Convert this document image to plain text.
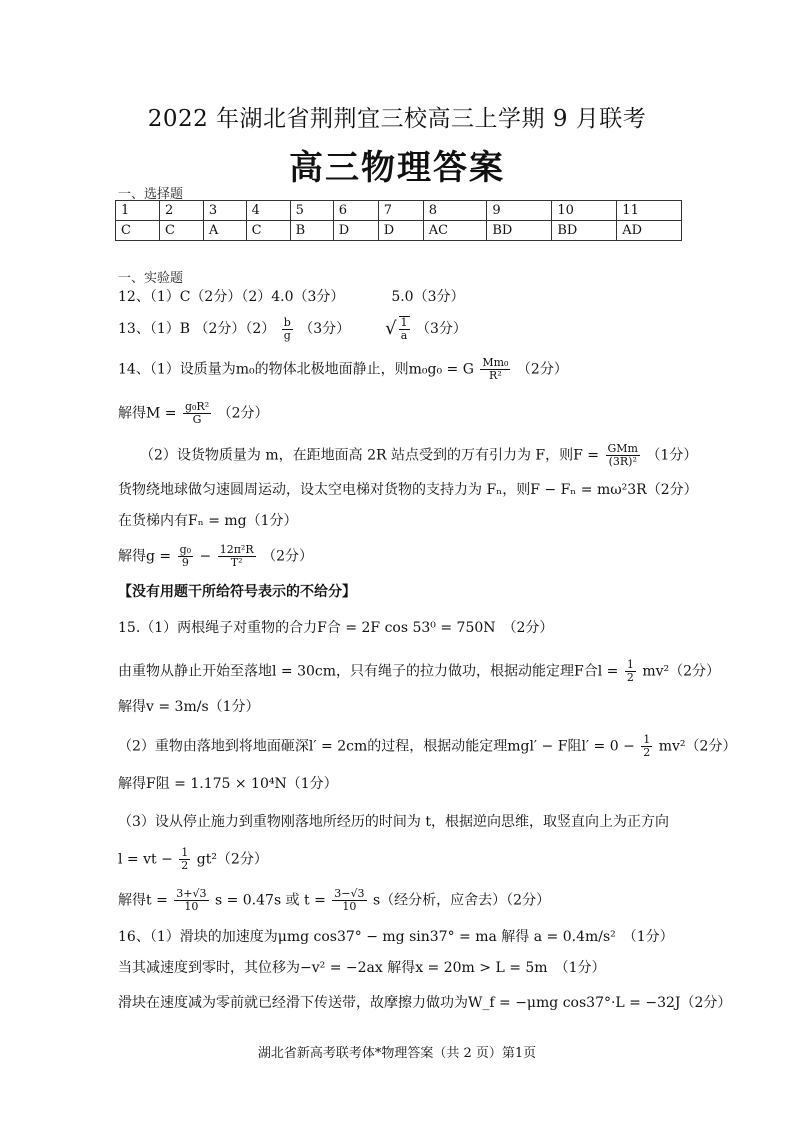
2022 年湖北省荆荆宜三校高三上学期 9 月联考
高三物理答案
一、选择题
1	2	3	4	5	6	7	8	9	10	11
C	C	A	C	B	D	D	AC	BD	BD	AD
一、实验题
12、（1）C（2分）（2）4.0（3分）	5.0（3分）
13、（1）B （2分）$(2) \frac{b}{g} (3$分） √ $\frac{1}{a} (3$分）
14、（1）设质量为m₀的物体北极地面静止，则m₀g₀ = G $\frac{\text{Mm₀}}{\text{R²}} (2$分）
解得$M = \frac{\text{g₀R²}}{G} (2$分）
（2）设货物质量为 m，在距地面高 2R 站点受到的万有引力为 F，则$F = \frac{\text{GMm}}{\text{(3R)²}} (1$分）
货物绕地球做匀速圆周运动，设太空电梯对货物的支持力为 Fₙ，则F − Fₙ = mω²3R（2分）
在货梯内有Fₙ = mg（1分）
解得$g = \frac{\text{g₀}}{9} - \frac{\text{12π²R}}{\text{T²}} (2$分）
【没有用题干所给符号表示的不给分】
15.（1）两根绳子对重物的合力F合 = 2F cos 53⁰ = 750N　（2分）
由重物从静止开始至落地l = 30cm，只有绳子的拉力做功，根据动能定理F合$l = \frac{1}{2} mv^2(2$分）
解得v = 3m/s（1分）
（2）重物由落地到将地面砸深l′ = 2cm的过程，根据动能定理mgl′ − F阻$l' = 0 - \frac{1}{2} mv^2(2$分）
解得F阻 = 1.175 × 10⁴N（1分）
（3）设从停止施力到重物刚落地所经历的时间为 t，根据逆向思维，取竖直向上为正方向
l = vt − $\frac{1}{2} gt^2(2$分）
解得$t = \frac{3+√3}{10}$ s = 0.47s 或 $t = \frac{3-√3}{10} s$（经分析，应舍去）（2分）
16、（1）滑块的加速度为μmg cos37° − mg sin37° = ma 解得 a = 0.4m/s²　（1分）
当其减速度到零时，其位移为−v² = −2ax 解得x = 20m > L = 5m　（1分）
滑块在速度减为零前就已经滑下传送带，故摩擦力做功为W_f = −μmg cos37°·L = −32J（2分）
湖北省新高考联考体*物理答案（共 2 页）第1页
